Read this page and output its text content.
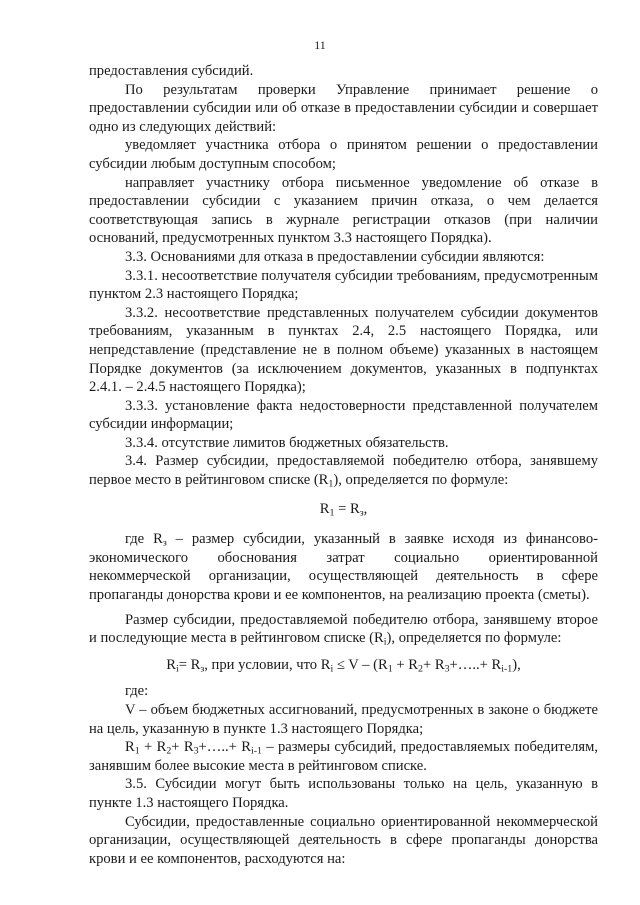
11

предоставления субсидий.

По результатам проверки Управление принимает решение о предоставлении субсидии или об отказе в предоставлении субсидии и совершает одно из следующих действий:

уведомляет участника отбора о принятом решении о предоставлении субсидии любым доступным способом;

направляет участнику отбора письменное уведомление об отказе в предоставлении субсидии с указанием причин отказа, о чем делается соответствующая запись в журнале регистрации отказов (при наличии оснований, предусмотренных пунктом 3.3 настоящего Порядка).

3.3. Основаниями для отказа в предоставлении субсидии являются:

3.3.1. несоответствие получателя субсидии требованиям, предусмотренным пунктом 2.3 настоящего Порядка;

3.3.2. несоответствие представленных получателем субсидии документов требованиям, указанным в пунктах 2.4, 2.5 настоящего Порядка, или непредставление (представление не в полном объеме) указанных в настоящем Порядке документов (за исключением документов, указанных в подпунктах 2.4.1. – 2.4.5 настоящего Порядка);

3.3.3. установление факта недостоверности представленной получателем субсидии информации;

3.3.4. отсутствие лимитов бюджетных обязательств.

3.4. Размер субсидии, предоставляемой победителю отбора, занявшему первое место в рейтинговом списке $(R_1)$, определяется по формуле:

$R_1 = R_з$,

где $R_з$ – размер субсидии, указанный в заявке исходя из финансово-экономического обоснования затрат социально ориентированной некоммерческой организации, осуществляющей деятельность в сфере пропаганды донорства крови и ее компонентов, на реализацию проекта (сметы).

Размер субсидии, предоставляемой победителю отбора, занявшему второе и последующие места в рейтинговом списке $(R_i)$, определяется по формуле:

$R_i= R_з$, при условии, что $R_i \le V - (R_1 + R_2+$ $R_3+\dots..+ R_{i-1}$),

где:

V – объем бюджетных ассигнований, предусмотренных в законе о бюджете на цель, указанную в пункте 1.3 настоящего Порядка;

$R_1 + R_2+$ $R_3+\dots..+ R_{i-1}$ – размеры субсидий, предоставляемых победителям, занявшим более высокие места в рейтинговом списке.

3.5. Субсидии могут быть использованы только на цель, указанную в пункте 1.3 настоящего Порядка.

Субсидии, предоставленные социально ориентированной некоммерческой организации, осуществляющей деятельность в сфере пропаганды донорства крови и ее компонентов, расходуются на:
